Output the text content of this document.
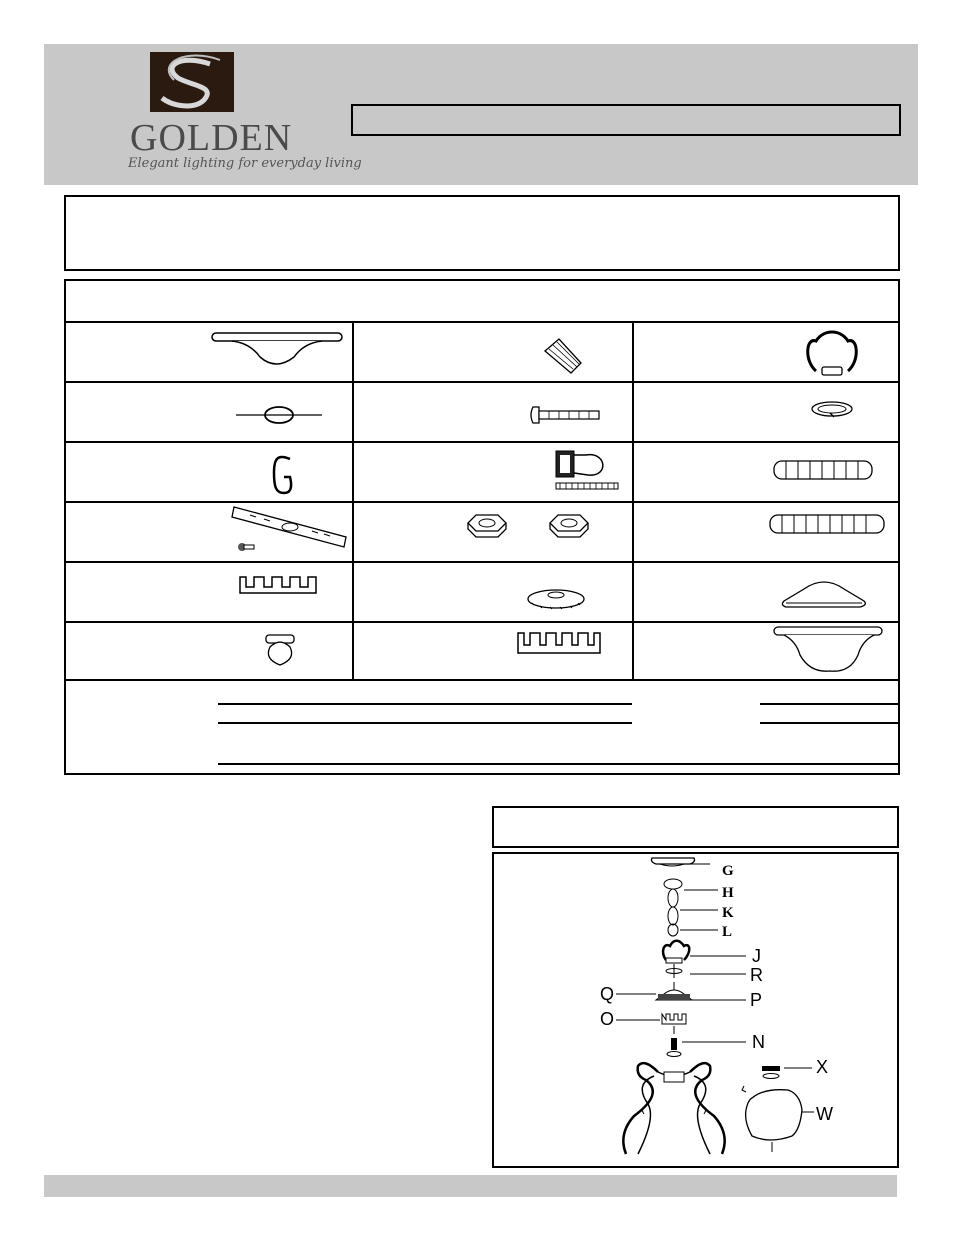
GOLDEN
Elegant lighting for everyday living
G
H
K
L
J
R
Q	P
O
N
X
W
